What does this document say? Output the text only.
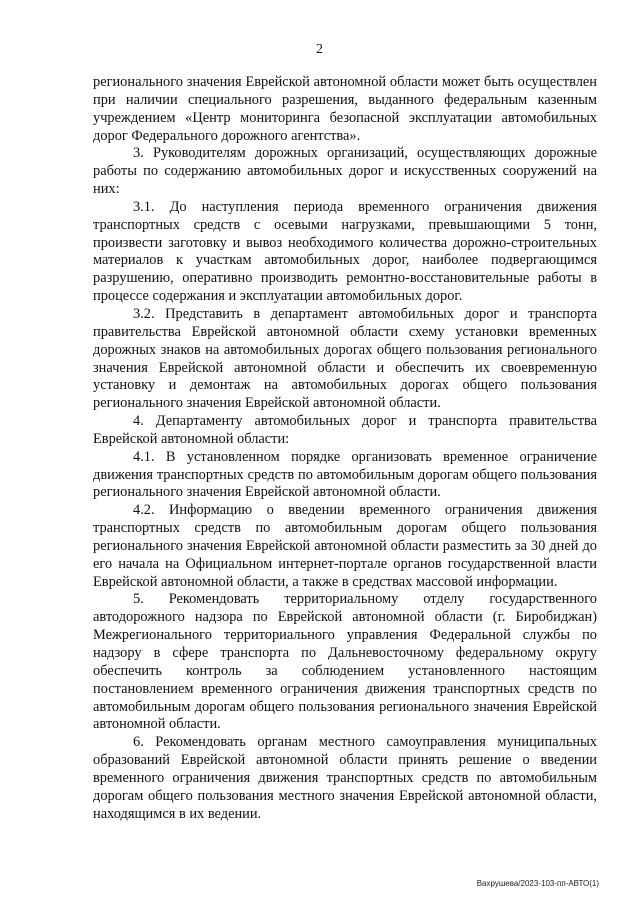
2

регионального значения Еврейской автономной области может быть осуществлен при наличии специального разрешения, выданного федеральным казенным учреждением «Центр мониторинга безопасной эксплуатации автомобильных дорог Федерального дорожного агентства».

3. Руководителям дорожных организаций, осуществляющих дорожные работы по содержанию автомобильных дорог и искусственных сооружений на них:

3.1. До наступления периода временного ограничения движения транспортных средств с осевыми нагрузками, превышающими 5 тонн, произвести заготовку и вывоз необходимого количества дорожно-строительных материалов к участкам автомобильных дорог, наиболее подвергающимся разрушению, оперативно производить ремонтно-восстановительные работы в процессе содержания и эксплуатации автомобильных дорог.

3.2. Представить в департамент автомобильных дорог и транспорта правительства Еврейской автономной области схему установки временных дорожных знаков на автомобильных дорогах общего пользования регионального значения Еврейской автономной области и обеспечить их своевременную установку и демонтаж на автомобильных дорогах общего пользования регионального значения Еврейской автономной области.

4. Департаменту автомобильных дорог и транспорта правительства Еврейской автономной области:

4.1. В установленном порядке организовать временное ограничение движения транспортных средств по автомобильным дорогам общего пользования регионального значения Еврейской автономной области.

4.2. Информацию о введении временного ограничения движения транспортных средств по автомобильным дорогам общего пользования регионального значения Еврейской автономной области разместить за 30 дней до его начала на Официальном интернет-портале органов государственной власти Еврейской автономной области, а также в средствах массовой информации.

5. Рекомендовать территориальному отделу государственного автодорожного надзора по Еврейской автономной области (г. Биробиджан) Межрегионального территориального управления Федеральной службы по надзору в сфере транспорта по Дальневосточному федеральному округу обеспечить контроль за соблюдением установленного настоящим постановлением временного ограничения движения транспортных средств по автомобильным дорогам общего пользования регионального значения Еврейской автономной области.

6. Рекомендовать органам местного самоуправления муниципальных образований Еврейской автономной области принять решение о введении временного ограничения движения транспортных средств по автомобильным дорогам общего пользования местного значения Еврейской автономной области, находящимся в их ведении.

Вахрушева/2023-103-пп-АВТО(1)
